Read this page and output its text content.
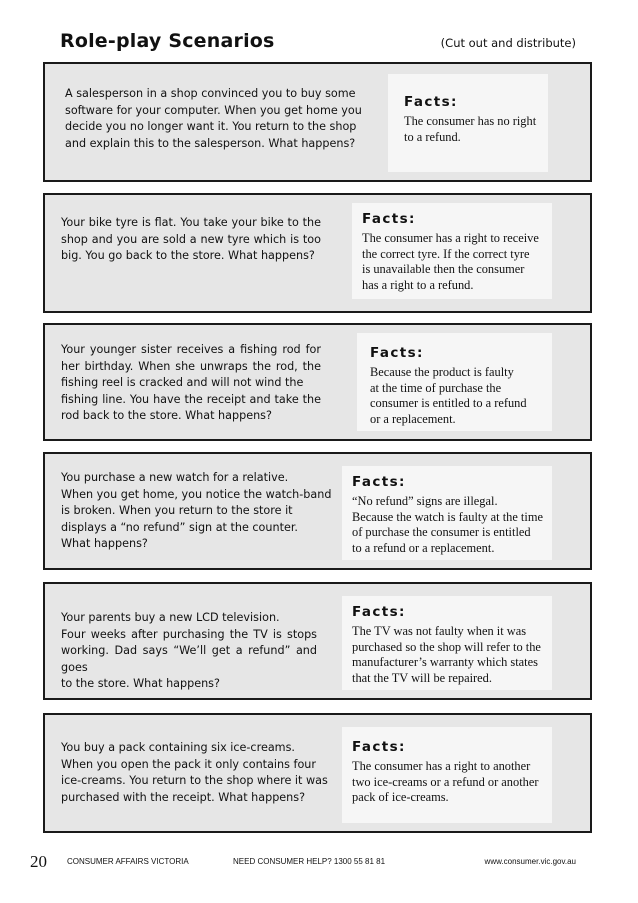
Role-play Scenarios	(Cut out and distribute)
A salesperson in a shop convinced you to buy some
software for your computer. When you get home you
decide you no longer want it. You return to the shop
and explain this to the salesperson. What happens?
Facts:
The consumer has no right
to a refund.
Your bike tyre is flat. You take your bike to the
shop and you are sold a new tyre which is too
big. You go back to the store. What happens?
Facts:
The consumer has a right to receive
the correct tyre. If the correct tyre
is unavailable then the consumer
has a right to a refund.
Your younger sister receives a fishing rod for
her birthday. When she unwraps the rod, the
fishing reel is cracked and will not wind the
fishing line. You have the receipt and take the
rod back to the store. What happens?
Facts:
Because the product is faulty
at the time of purchase the
consumer is entitled to a refund
or a replacement.
You purchase a new watch for a relative.
When you get home, you notice the watch-band
is broken. When you return to the store it
displays a “no refund” sign at the counter.
What happens?
Facts:
“No refund” signs are illegal.
Because the watch is faulty at the time
of purchase the consumer is entitled
to a refund or a replacement.
Your parents buy a new LCD television.
Four weeks after purchasing the TV is stops
working. Dad says “We’ll get a refund” and goes
to the store. What happens?
Facts:
The TV was not faulty when it was
purchased so the shop will refer to the
manufacturer’s warranty which states
that the TV will be repaired.
You buy a pack containing six ice-creams.
When you open the pack it only contains four
ice-creams. You return to the shop where it was
purchased with the receipt. What happens?
Facts:
The consumer has a right to another
two ice-creams or a refund or another
pack of ice-creams.
20	CONSUMER AFFAIRS VICTORIA	NEED CONSUMER HELP? 1300 55 81 81	www.consumer.vic.gov.au
